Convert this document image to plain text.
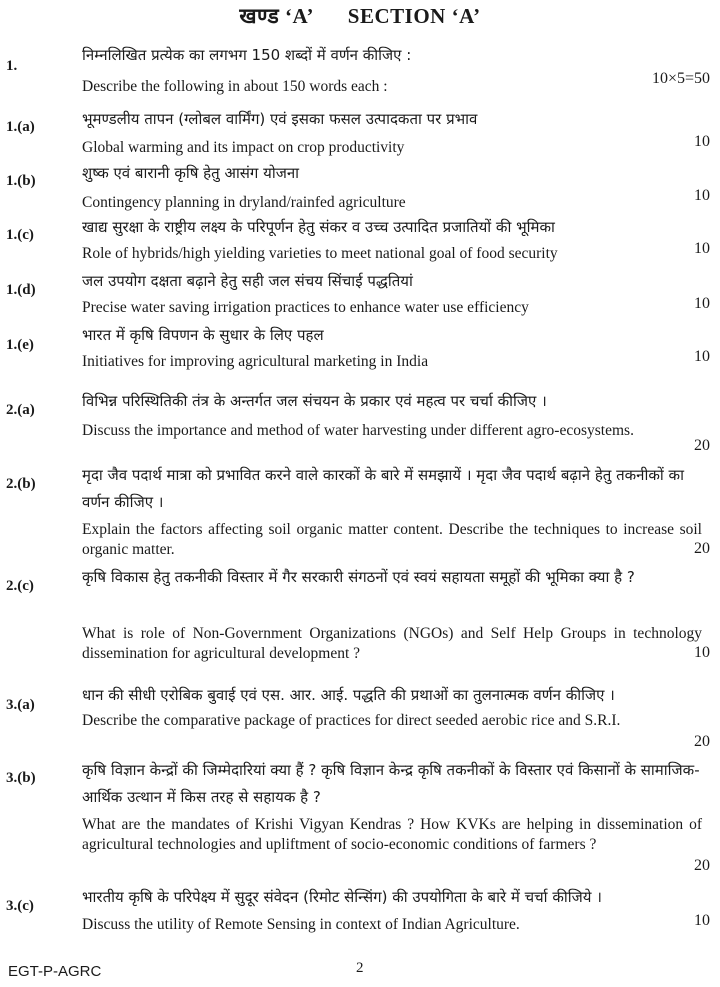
खण्ड ‘A’ SECTION ‘A’
1.
निम्नलिखित प्रत्येक का लगभग 150 शब्दों में वर्णन कीजिए :
Describe the following in about 150 words each :	10×5=50
1.(a)	भूमण्डलीय तापन (ग्लोबल वार्मिंग) एवं इसका फसल उत्पादकता पर प्रभाव
Global warming and its impact on crop productivity	10
1.(b)	शुष्क एवं बारानी कृषि हेतु आसंग योजना
Contingency planning in dryland/rainfed agriculture	10
1.(c)	खाद्य सुरक्षा के राष्ट्रीय लक्ष्य के परिपूर्णन हेतु संकर व उच्च उत्पादित प्रजातियों की भूमिका
Role of hybrids/high yielding varieties to meet national goal of food security	10
1.(d)	जल उपयोग दक्षता बढ़ाने हेतु सही जल संचय सिंचाई पद्धतियां
Precise water saving irrigation practices to enhance water use efficiency	10
1.(e)
भारत में कृषि विपणन के सुधार के लिए पहल
Initiatives for improving agricultural marketing in India	10
2.(a)	विभिन्न परिस्थितिकी तंत्र के अन्तर्गत जल संचयन के प्रकार एवं महत्व पर चर्चा कीजिए ।
Discuss the importance and method of water harvesting under different agro-ecosystems.
20
2.(b)	मृदा जैव पदार्थ मात्रा को प्रभावित करने वाले कारकों के बारे में समझायें । मृदा जैव पदार्थ बढ़ाने हेतु तकनीकों का वर्णन कीजिए ।
Explain the factors affecting soil organic matter content. Describe the techniques to increase soil organic matter.	20
2.(c)	कृषि विकास हेतु तकनीकी विस्तार में गैर सरकारी संगठनों एवं स्वयं सहायता समूहों की भूमिका क्या है ?
What is role of Non-Government Organizations (NGOs) and Self Help Groups in technology dissemination for agricultural development ?	10
3.(a)
धान की सीधी एरोबिक बुवाई एवं एस. आर. आई. पद्धति की प्रथाओं का तुलनात्मक वर्णन कीजिए ।
Describe the comparative package of practices for direct seeded aerobic rice and S.R.I.
20
3.(b)	कृषि विज्ञान केन्द्रों की जिम्मेदारियां क्या हैं ? कृषि विज्ञान केन्द्र कृषि तकनीकों के विस्तार एवं किसानों के सामाजिक-आर्थिक उत्थान में किस तरह से सहायक है ?
What are the mandates of Krishi Vigyan Kendras ? How KVKs are helping in dissemination of agricultural technologies and upliftment of socio-economic conditions of farmers ?
20
3.(c)	भारतीय कृषि के परिपेक्ष्य में सुदूर संवेदन (रिमोट सेन्सिंग) की उपयोगिता के बारे में चर्चा कीजिये ।
Discuss the utility of Remote Sensing in context of Indian Agriculture.	10
EGT-P-AGRC	2
